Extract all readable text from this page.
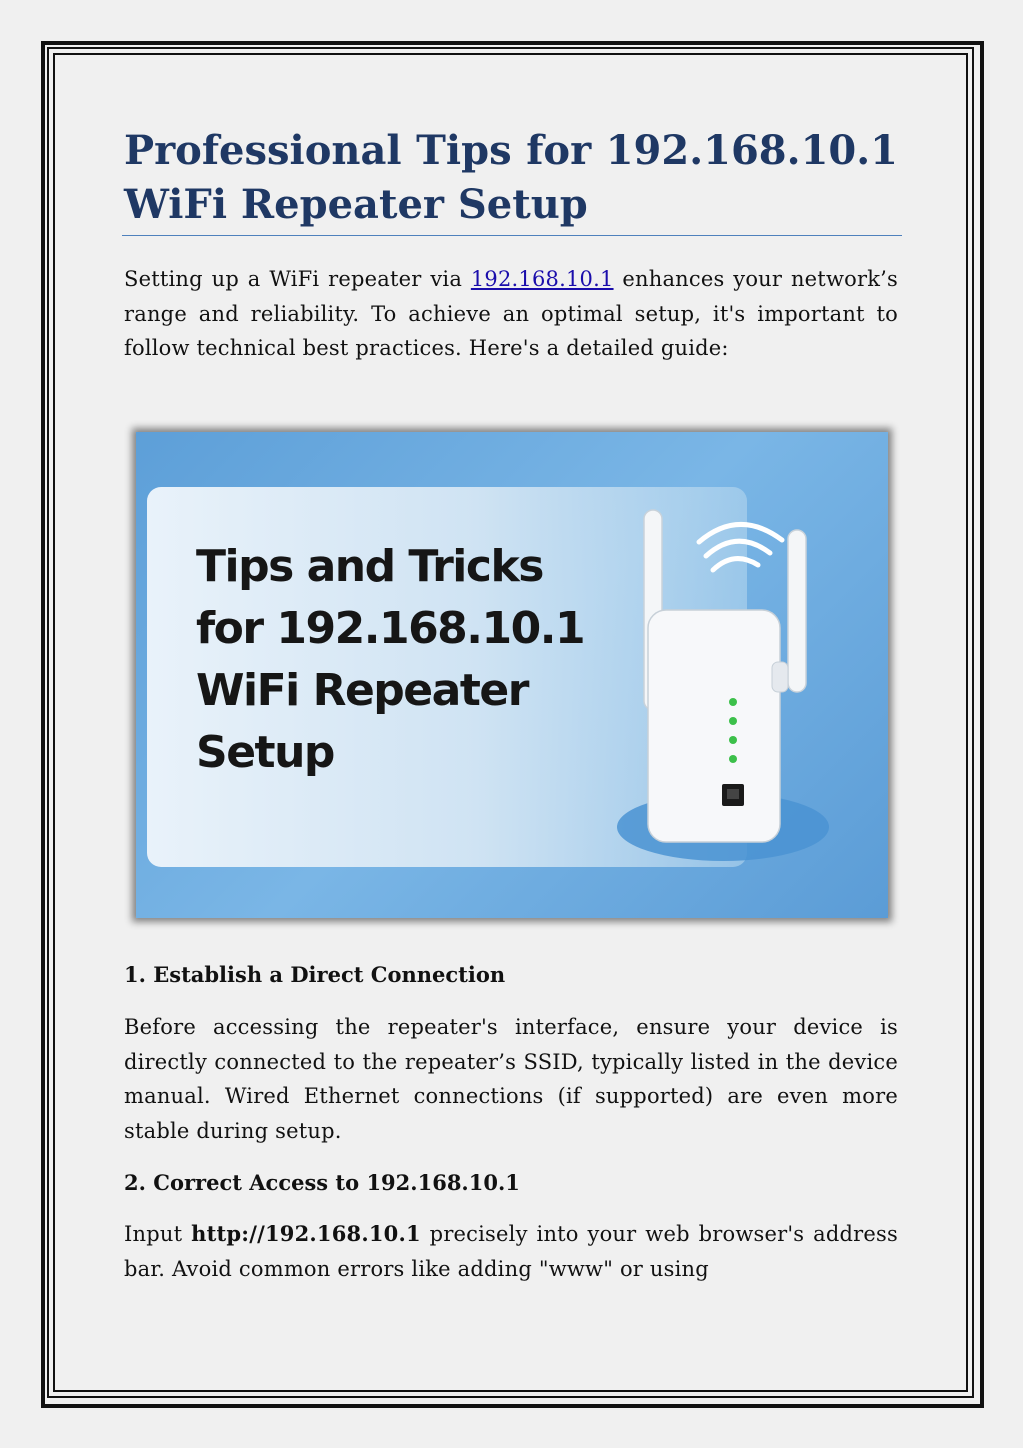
Professional Tips for 192.168.10.1 WiFi Repeater Setup

Setting up a WiFi repeater via 192.168.10.1 enhances your network’s range and reliability. To achieve an optimal setup, it's important to follow technical best practices. Here's a detailed guide:

Tips and Tricks for 192.168.10.1 WiFi Repeater Setup

1. Establish a Direct Connection

Before accessing the repeater's interface, ensure your device is directly connected to the repeater’s SSID, typically listed in the device manual. Wired Ethernet connections (if supported) are even more stable during setup.

2. Correct Access to 192.168.10.1

Input http://192.168.10.1 precisely into your web browser's address bar. Avoid common errors like adding "www" or using
